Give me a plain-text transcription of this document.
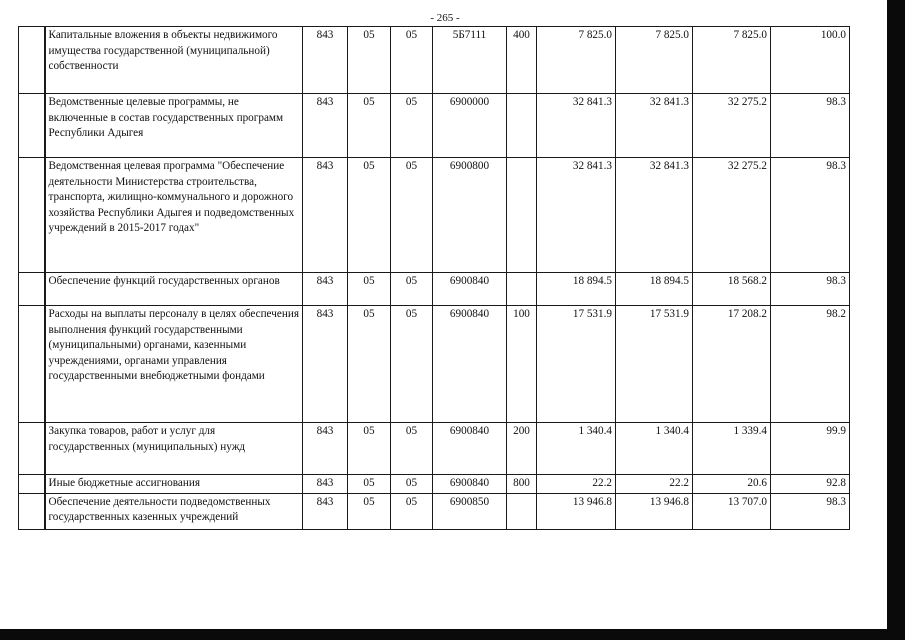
- 265 -
	Капитальные вложения в объекты недвижимого имущества государственной (муниципальной) собственности	843	05	05	5Б7111	400	7 825.0	7 825.0	7 825.0	100.0
	Ведомственные целевые программы, не включенные в состав государственных программ Республики Адыгея	843	05	05	6900000		32 841.3	32 841.3	32 275.2	98.3
	Ведомственная целевая программа "Обеспечение деятельности Министерства строительства, транспорта, жилищно-коммунального и дорожного хозяйства Республики Адыгея и подведомственных учреждений в 2015-2017 годах"	843	05	05	6900800		32 841.3	32 841.3	32 275.2	98.3
	Обеспечение функций государственных органов	843	05	05	6900840		18 894.5	18 894.5	18 568.2	98.3
	Расходы на выплаты персоналу в целях обеспечения выполнения функций государственными (муниципальными) органами, казенными учреждениями, органами управления государственными внебюджетными фондами	843	05	05	6900840	100	17 531.9	17 531.9	17 208.2	98.2
	Закупка товаров, работ и услуг для государственных (муниципальных) нужд	843	05	05	6900840	200	1 340.4	1 340.4	1 339.4	99.9
	Иные бюджетные ассигнования	843	05	05	6900840	800	22.2	22.2	20.6	92.8
	Обеспечение деятельности подведомственных государственных казенных учреждений	843	05	05	6900850		13 946.8	13 946.8	13 707.0	98.3
